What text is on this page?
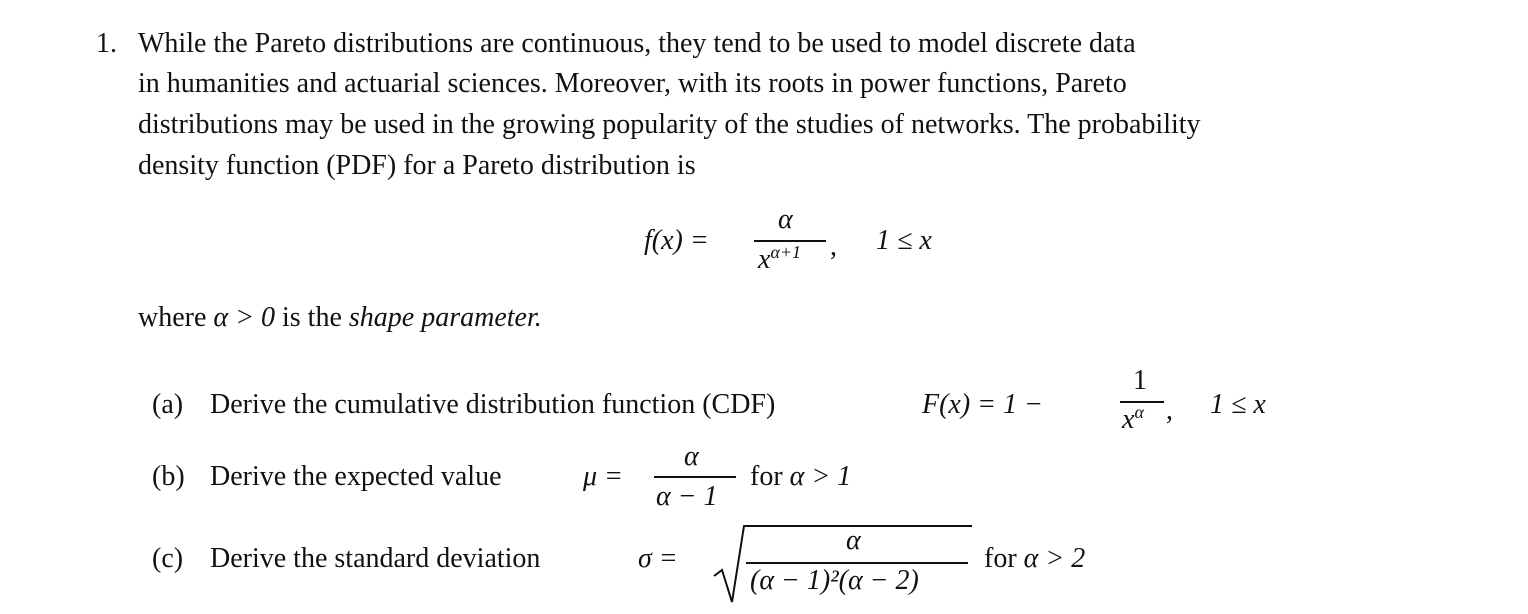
1. While the Pareto distributions are continuous, they tend to be used to model discrete data
in humanities and actuarial sciences. Moreover, with its roots in power functions, Pareto
distributions may be used in the growing popularity of the studies of networks. The probability
density function (PDF) for a Pareto distribution is
f(x) =
α
$x^{\alpha+1}$ , 1 ≤ x
where α > 0 is the shape parameter.
(a) Derive the cumulative distribution function (CDF)	F(x) = 1 −
1
$x^\alpha$ , 1 ≤ x
(b) Derive the expected value	μ =
α
α − 1
for α > 1
(c) Derive the standard deviation	σ =
α
(α − 1)²(α − 2)
for α > 2
